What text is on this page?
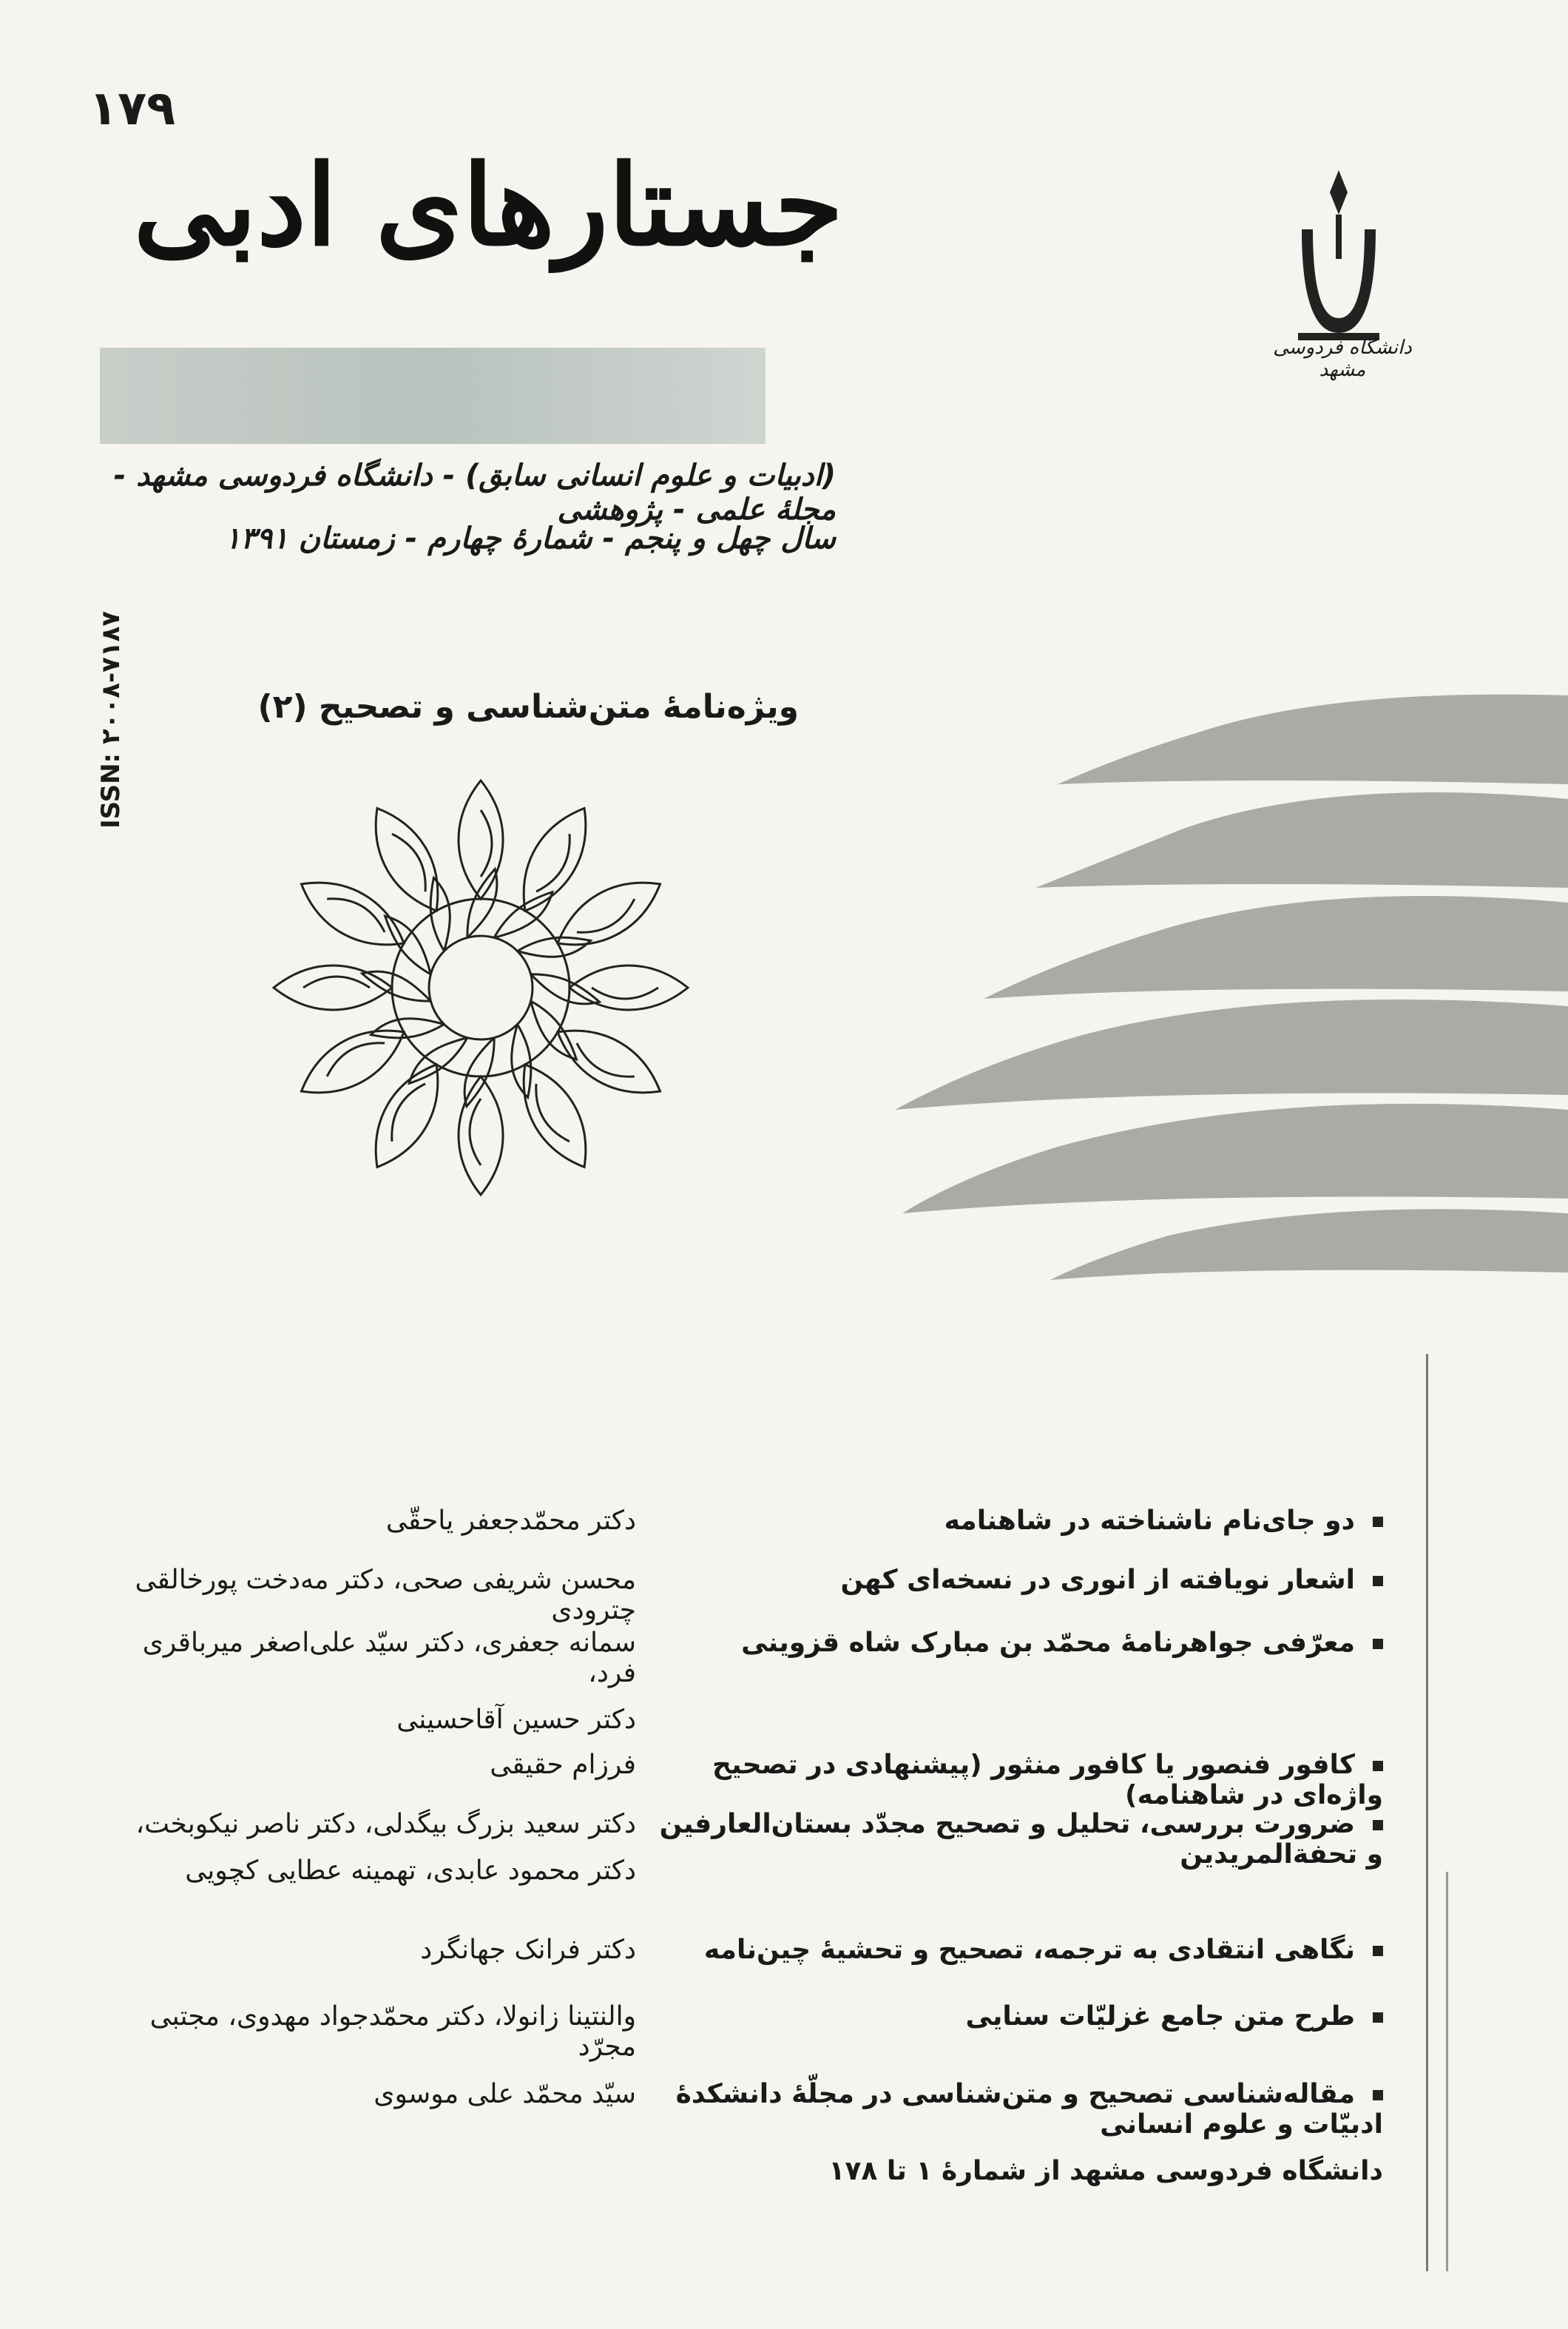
۱۷۹
جستارهای ادبی
دانشگاه فردوسی مشهد
(ادبیات و علوم انسانی سابق) - دانشگاه فردوسی مشهد - مجلهٔ علمی - پژوهشی
سال چهل و پنجم - شمارهٔ چهارم - زمستان ۱۳۹۱
ISSN: ۲۰۰۸-۷۱۸۷	ویژه‌نامهٔ متن‌شناسی و تصحیح (۲)
دو جای‌نام ناشناخته در شاهنامه
دکتر محمّدجعفر یاحقّی
اشعار نویافته از انوری در نسخه‌ای کهن
محسن شریفی صحی، دکتر مه‌دخت پورخالقی چترودی
معرّفی جواهرنامهٔ محمّد بن مبارک شاه قزوینی
سمانه جعفری، دکتر سیّد علی‌اصغر میرباقری فرد،
دکتر حسین آقاحسینی
کافور فنصور یا کافور منثور (پیشنهادی در تصحیح واژه‌ای در شاهنامه)
فرزام حقیقی
ضرورت بررسی، تحلیل و تصحیح مجدّد بستان‌العارفین و تحفة‌المریدین
دکتر سعید بزرگ بیگدلی، دکتر ناصر نیکوبخت،
دکتر محمود عابدی، تهمینه عطایی کچویی
نگاهی انتقادی به ترجمه، تصحیح و تحشیهٔ چین‌نامه
دکتر فرانک جهانگرد
طرح متن جامع غزلیّات سنایی
والنتینا زانولا، دکتر محمّدجواد مهدوی، مجتبی مجرّد
مقاله‌شناسی تصحیح و متن‌شناسی در مجلّهٔ دانشکدهٔ ادبیّات و علوم انسانی
دانشگاه فردوسی مشهد از شمارهٔ ۱ تا ۱۷۸
سیّد محمّد علی موسوی
